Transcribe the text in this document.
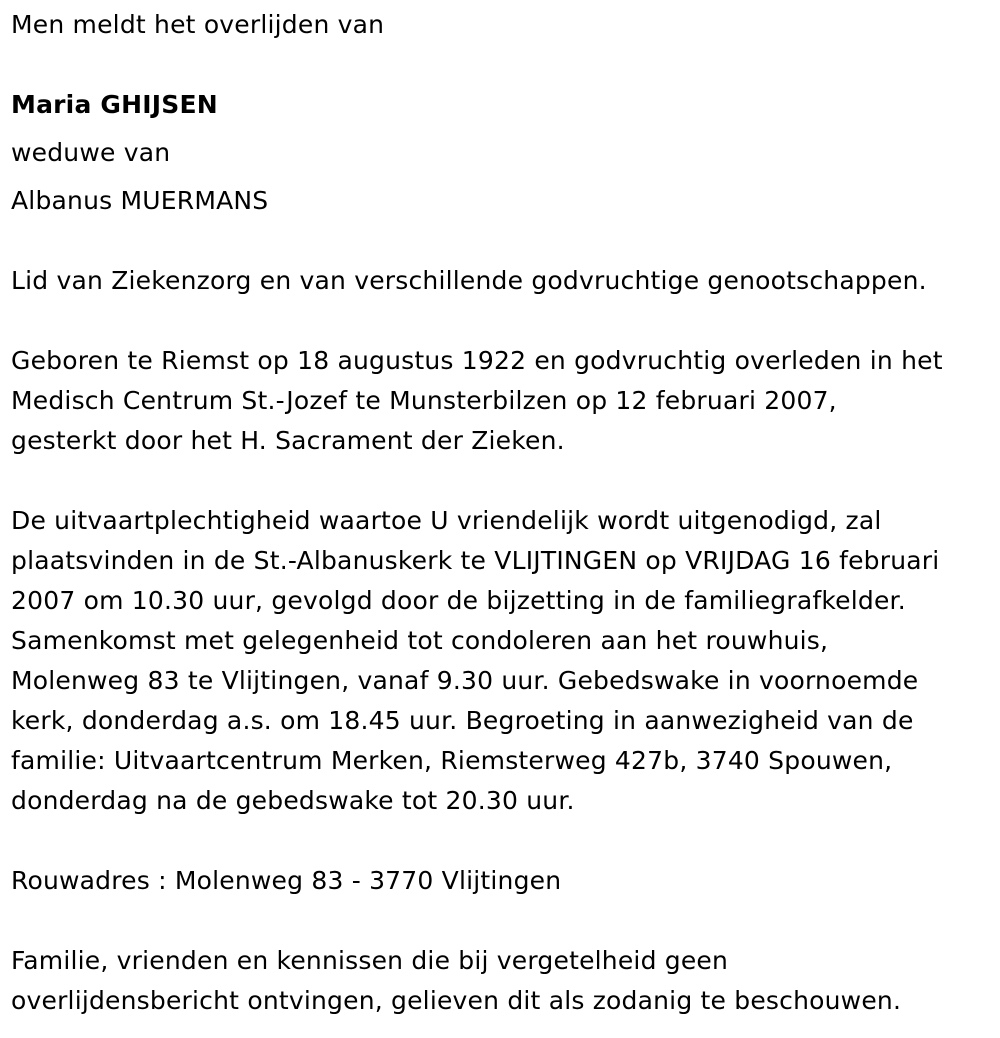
Men meldt het overlijden van
Maria GHIJSEN
weduwe van
Albanus MUERMANS
Lid van Ziekenzorg en van verschillende godvruchtige genootschappen.
Geboren te Riemst op 18 augustus 1922 en godvruchtig overleden in het
Medisch Centrum St.-Jozef te Munsterbilzen op 12 februari 2007,
gesterkt door het H. Sacrament der Zieken.
De uitvaartplechtigheid waartoe U vriendelijk wordt uitgenodigd, zal
plaatsvinden in de St.-Albanuskerk te VLIJTINGEN op VRIJDAG 16 februari
2007 om 10.30 uur, gevolgd door de bijzetting in de familiegrafkelder.
Samenkomst met gelegenheid tot condoleren aan het rouwhuis,
Molenweg 83 te Vlijtingen, vanaf 9.30 uur. Gebedswake in voornoemde
kerk, donderdag a.s. om 18.45 uur. Begroeting in aanwezigheid van de
familie: Uitvaartcentrum Merken, Riemsterweg 427b, 3740 Spouwen,
donderdag na de gebedswake tot 20.30 uur.
Rouwadres : Molenweg 83 - 3770 Vlijtingen
Familie, vrienden en kennissen die bij vergetelheid geen
overlijdensbericht ontvingen, gelieven dit als zodanig te beschouwen.
